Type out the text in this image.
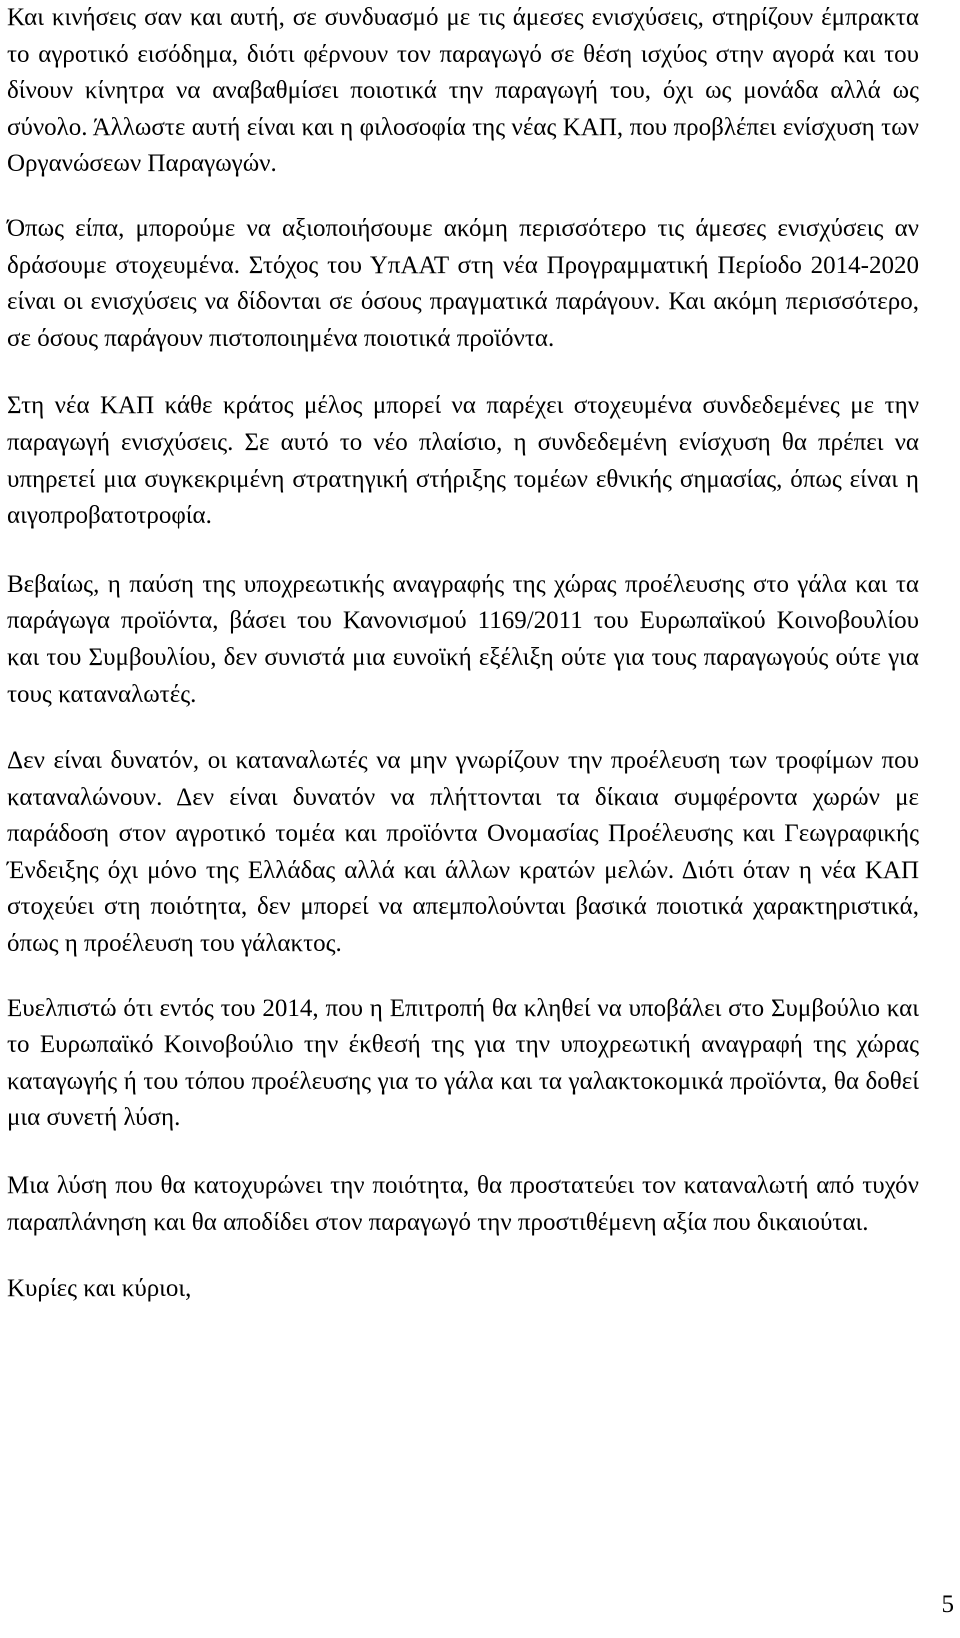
Και κινήσεις σαν και αυτή, σε συνδυασμό με τις άμεσες ενισχύσεις, στηρίζουν έμπρακτα το αγροτικό εισόδημα, διότι φέρνουν τον παραγωγό σε θέση ισχύος στην αγορά και του δίνουν κίνητρα να αναβαθμίσει ποιοτικά την παραγωγή του, όχι ως μονάδα αλλά ως σύνολο. Άλλωστε αυτή είναι και η φιλοσοφία της νέας ΚΑΠ, που προβλέπει ενίσχυση των Οργανώσεων Παραγωγών.

Όπως είπα, μπορούμε να αξιοποιήσουμε ακόμη περισσότερο τις άμεσες ενισχύσεις αν δράσουμε στοχευμένα. Στόχος του ΥπΑΑΤ στη νέα Προγραμματική Περίοδο 2014-2020 είναι οι ενισχύσεις να δίδονται σε όσους πραγματικά παράγουν. Και ακόμη περισσότερο, σε όσους παράγουν πιστοποιημένα ποιοτικά προϊόντα.

Στη νέα ΚΑΠ κάθε κράτος μέλος μπορεί να παρέχει στοχευμένα συνδεδεμένες με την παραγωγή ενισχύσεις. Σε αυτό το νέο πλαίσιο, η συνδεδεμένη ενίσχυση θα πρέπει να υπηρετεί μια συγκεκριμένη στρατηγική στήριξης τομέων εθνικής σημασίας, όπως είναι η αιγοπροβατοτροφία.

Βεβαίως, η παύση της υποχρεωτικής αναγραφής της χώρας προέλευσης στο γάλα και τα παράγωγα προϊόντα, βάσει του Κανονισμού 1169/2011 του Ευρωπαϊκού Κοινοβουλίου και του Συμβουλίου, δεν συνιστά μια ευνοϊκή εξέλιξη ούτε για τους παραγωγούς ούτε για τους καταναλωτές.

Δεν είναι δυνατόν, οι καταναλωτές να μην γνωρίζουν την προέλευση των τροφίμων που καταναλώνουν. Δεν είναι δυνατόν να πλήττονται τα δίκαια συμφέροντα χωρών με παράδοση στον αγροτικό τομέα και προϊόντα Ονομασίας Προέλευσης και Γεωγραφικής Ένδειξης όχι μόνο της Ελλάδας αλλά και άλλων κρατών μελών. Διότι όταν η νέα ΚΑΠ στοχεύει στη ποιότητα, δεν μπορεί να απεμπολούνται βασικά ποιοτικά χαρακτηριστικά, όπως η προέλευση του γάλακτος.

Ευελπιστώ ότι εντός του 2014, που η Επιτροπή θα κληθεί να υποβάλει στο Συμβούλιο και το Ευρωπαϊκό Κοινοβούλιο την έκθεσή της για την υποχρεωτική αναγραφή της χώρας καταγωγής ή του τόπου προέλευσης για το γάλα και τα γαλακτοκομικά προϊόντα, θα δοθεί μια συνετή λύση.

Μια λύση που θα κατοχυρώνει την ποιότητα, θα προστατεύει τον καταναλωτή από τυχόν παραπλάνηση και θα αποδίδει στον παραγωγό την προστιθέμενη αξία που δικαιούται.

Κυρίες και κύριοι,

5
